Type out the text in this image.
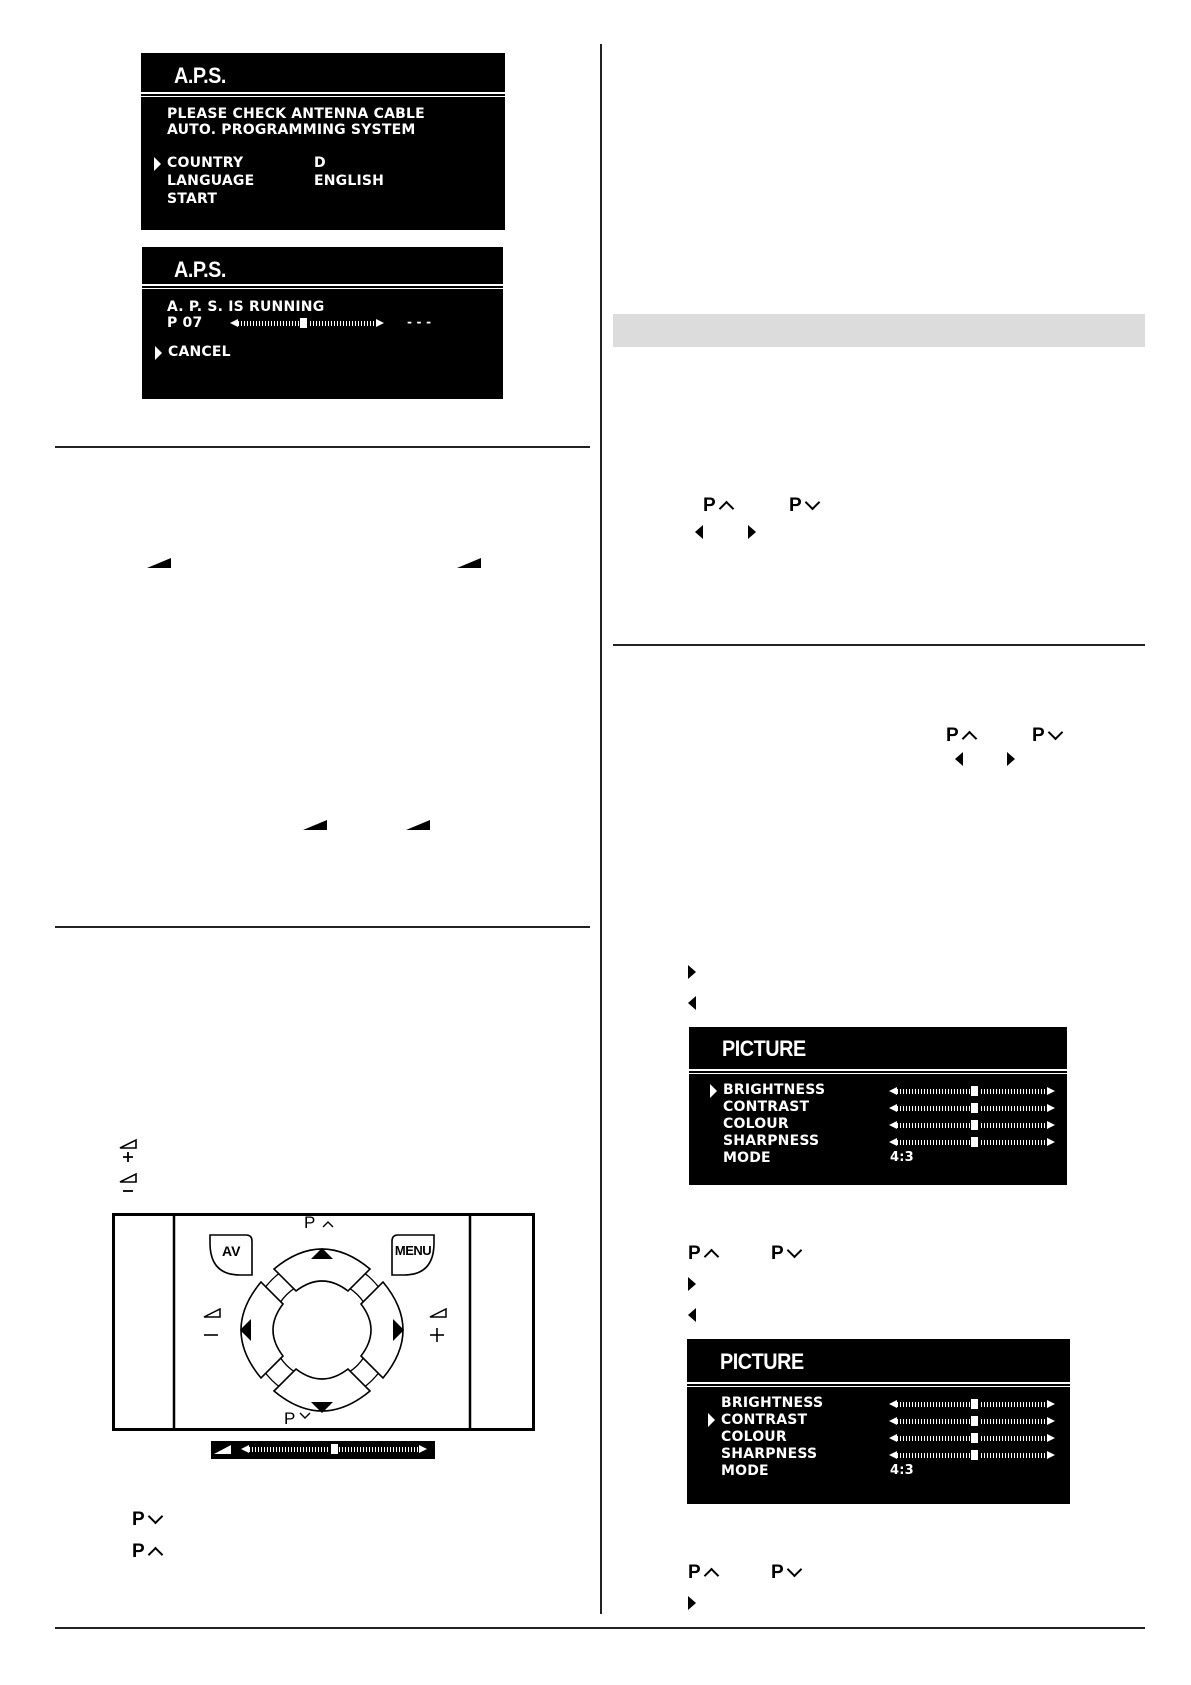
A.P.S.
PLEASE CHECK ANTENNA CABLE
AUTO. PROGRAMMING SYSTEM
COUNTRY	D
LANGUAGE	ENGLISH
START
A.P.S.
A. P. S. IS RUNNING
P 07	- - -
CANCEL
AV	MENU
P
P
P
P
P	P
P	P
P	P
P	P
PICTURE
BRIGHTNESS
CONTRAST
COLOUR
SHARPNESS
MODE	4:3
PICTURE
BRIGHTNESS
CONTRAST
COLOUR
SHARPNESS
MODE	4:3
